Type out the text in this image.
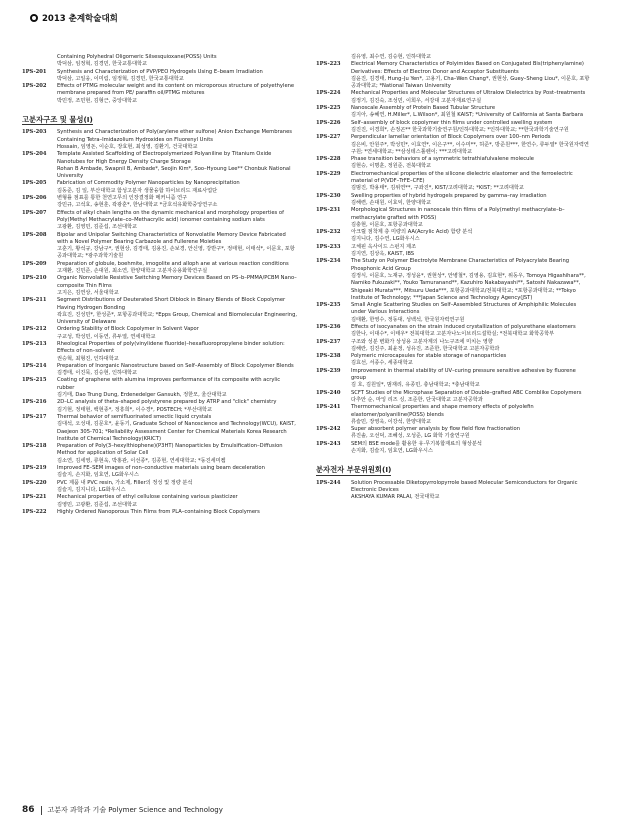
2013 춘계학술대회
Containing Polyhedral Oligomeric Silsesquioxane(POSS) Units
박덕삼, 임정혁, 김경민, 한국교통대학교
1PS-201	Synthesis and Characterization of PVP/PEO Hydrogels Using E–beam Irradiation
박덕삼, 고일웅, 이미림, 임정혁, 김경민, 한국교통대학교
1PS-202	Effects of PTMG molecular weight and its content on microporous structure of polyethylene membrane prepared from PE/ paraffin oil/PTMG mixtures
박민정, 조민현, 김형근, 중앙대학교
고분자구조 및 물성(I)
1PS-203	Synthesis and Characterization of Poly(arylene ether sulfone) Anion Exchange Membranes Containing Tetra–Imidazolium Hydroxides on Fluorenyl Units
Hossain, 임영돈, 이순호, 장효현, 최성영, 김환기, 건국대학교
1PS-204	Template Assisted Scaffolding of Electropolymerized Polyaniline by Titanium Oxide Nanotubes for High Energy Density Charge Storage
Rohan B Ambade, Swapnil B, Ambade*, Seojin Kim*, Soo–Hyoung Lee** Chonbuk National University
1PS-205	Fabrication of Commodity Polymer Nanoparticles by Nanoprecipitation
김동준, 김 일, 부산대학교 함성고분자 생물융합 하이브리드 재료사업단
1PS-206	변형률 점표를 통한 천연고무의 인장결정화 메커니즘 연구
강민규, 고석효, 송현훈, 곽광훈*, 한남대학교 *금호석유화학중앙연구소
1PS-207	Effects of alkyl chain lengths on the dynamic mechanical and morphology properties of Poly(Methyl Methacrylate–co–Methacrylic acid) ionomer containing sodium slats
고광환, 김영민, 김준섭, 조선대학교
1PS-208	Bipolar and Unipolar Switching Characteristics of Nonvolatile Memory Device Fabricated with a Novel Polymer Bearing Carbazole and Fullerene Moieties
고훈기, 황석규, 강남구*, 권현상, 김경태, 김용진, 손보경, 안신영, 강반구*, 정태현, 이태석*, 이문호, 포항공과대학교; *광주과학기술원
1PS-209	Preparation of globule, boehmite, imogolite and alloph ane at various reaction conditions
고재환, 진민준, 손대원, 최소연, 한양대학교 고분자응용화학연구실
1PS-210	Organic Nonvolatile Resistive Switching Memory Devices Based on PS–b–PMMA/PCBM Nano–composite Thin Films
고지은, 김연상, 서울대학교
1PS-211	Segment Distributions of Deuterated Short Diblock in Binary Blends of Block Copolymer Having Hydrogen Bonding
곽효진, 진성민*, 한성준*, 포항공과대학교; *Epps Group, Chemical and Biomolecular Engineering, University of Delaware
1PS-212	Ordering Stability of Block Copolymer in Solvent Vapor
구교성, 박성민, 이동연, 류두열, 연세대학교
1PS-213	Rheological Properties of poly(vinylidene fluoride)–hexafluoropropylene binder solution: Effects of non–solvent
권승혁, 최형진, 인하대학교
1PS-214	Preparation of Inorganic Nanostructure based on Self–Assembly of Block Copolymer Blends
김경태, 이진묵, 김승현, 인하대학교
1PS-215	Coating of graphene with alumina improves performance of its composite with acrylic rubber
김기태, Dao Trung Dung, Erdenedelger Gansukh, 정한모, 울산대학교
1PS-216	2D–LC analysis of theta–shaped polystyrene prepared by ATRP and "click" chemistry
김기현, 정태현, 백현종*, 정흥희*, 이수경*, POSTECH; *부산대학교
1PS-217	Thermal behavior of semifluorinated smectic liquid crystals
김대석, 오성대, 김문호*, 윤동기, Graduate School of Nanoscience and Technology(WCU), KAIST, Daejeon 305-701; *Reliability Assessment Center for Chemical Materials Korea Research Institute of Chemical Technology(KRICT)
1PS-218	Preparation of Poly(3–hexylthiophene)(P3HT) Nanoparticles by Emulsification–Diffusion Method for application of Solar Cell
김소연, 김세영, 류현욱, 박홍관, 이선종*, 김종현, 연세대학교; *동진세미켐
1PS-219	Improved FE–SEM images of non–conductive materials using beam deceleration
김슬지, 손지화, 임효연, LG화우시스
1PS-220	PVC 제품 내 PVC resin, 가소제, Filler의 정성 및 정량 분석
김슬지, 김지니다, LG화우시스
1PS-221	Mechanical properties of ethyl cellulose containing various plasticizer
김영민, 고광환, 김준섭, 조선대학교
1PS-222	Highly Ordered Nanoporous Thin Films from PLA–containing Block Copolymers
김유영, 최수연, 김승현, 인하대학교
1PS-223	Electrical Memory Characteristics of Polyimides Based on Conjugated Bis(triphenylamine) Derivatives: Effects of Electron Donor and Acceptor Substituents
김윤진, 김경태, Hung–Ju Yen*, 고용기, Cha–Wen Chang*, 권현상, Guey–Sheng Liou*, 이문호, 포항공과대학교; *National Taiwan University
1PS-224	Mechanical Properties and Molecular Structures of Ultralow Dielectrics by Post–treatments
김정기, 김진숙, 조성민, 이희우, 서강대 고분자재료연구실
1PS-225	Nanoscale Assembly of Protein Based Tubular Structure
김지아, 송혜연, H.Miller*, L.Wilson*, 최원철 KAIST; *University of California at Santa Barbara
1PS-226	Self–assembly of block copolymer thin films under controlled swelling system
김진진, 이경희*, 손정곤** 한국과학기술연구원/인하대학교; *인하대학교; **한국과학기술연구원
1PS-227	Perpendicular lamellar orientation of Block Copolymers over 100–nm Periods
김은비, 안원주*, 박성민*, 이효연*, 이은구**, 이수미**, 허준*, 방준원***, 한연수, 류두열* 한국원자력연구원; *연세대학교; **삼성테스톨렌이; ***고려대학교
1PS-228	Phase transition behaviors of a symmetric tetrathiafulvalene molecule
김현승, 이명훈, 정원준, 전북대학교
1PS-229	Electromechanical properties of the silicone dielectric elastomer and the ferroelectric material of P(VDF–TrFE–CFE)
김범진, 박용태*, 김위연**, 구좌진*, KIST/고려대학교; *KIST; **고려대학교
1PS-230	Swelling properties of hybrid hydrogels prepared by gamma–ray irradiation
김해련, 손대원, 이효익, 한양대학교
1PS-231	Morphological Structures in nanoscale thin films of a Poly(methyl methacrylate–b–methacrylate grafted with POSS)
김충현, 이문호, 포항공과대학교
1PS-232	아크릴 점착제 층 미량의 AA(Acrylic Acid) 함량 분석
김지니다, 김수연, LG화우시스
1PS-233	고체핀 옥사이드 스펀지 제조
김지연, 김상옥, KAIST, IBS
1PS-234	The Study on Polymer Electrolyte Membrane Characteristics of Polyacrylate Bearing Phosphonic Acid Group
김정식, 이문호, 노재규, 정성윤*, 권현상*, 안병철*, 김영용, 김효현*, 위동우, Tomoya Higashihara**, Namiko Fukuzaki**, Youko Tamuranand**, Kazuhiro Nakabayashi**, Satoshi Nakazawa**, Shigeaki Murata***, Mitsuru Ueda***, 포항공과대학교/전북대학교; *포항공과대학교; **Tokyo Institute of Technology; ***Japan Science and Technology Agency(JST)
1PS-235	Small Angle Scattering Studies on Self–Assembled Structures of Amphiphilic Molecules under Various Interactions
김태환, 한영수, 정동대, 성백석, 한국원자력연구원
1PS-236	Effects of isocyanates on the strain induced crystallization of polyurethane elastomers
김한나, 이대수*, 이태우* 전북대학교 고분자나노이브리드설학실; *전북대학교 화학공학부
1PS-237	구조와 성분 변화가 상성용 고분자계의 나노구조에 미치는 영향
김해란, 김진주, 최윤정, 성유진, 조준한, 한국대학교 고분자공학과
1PS-238	Polymeric microcapsules for stable storage of nanoparticles
김효선, 서종수, 세종대학교
1PS-239	Improvement in thermal stability of UV–curing pressure sensitive adhesive by fluorene group
김 호, 김원일*, 범재리, 유종민, 충남대학교; *충남대학교
1PS-240	SCFT Studies of the Microphase Separation of Double–grafted ABC Comblike Copolymers
다추안 순, 마잉 리즈 싱, 조준한, 단국대학교 고분자공학과
1PS-241	Thermomechanical properties and shape memory effects of polyolefin elastomer/polyaniline(POSS) blends
류슬민, 장영욱, 이강석, 한양대학교
1PS-242	Super absorbent polymer analysis by flow field flow fractionation
류진솔, 오선덕, 조혜성, 오성준, LG 화학 기술연구원
1PS-243	SEM의 BSE mode를 활용한 유·무기복합재료의 형상분석
손지화, 김슬지, 임효연, LG화우시스
분자전자 부문위원회(I)
1PS-244	Solution Processable Diketopyrrolopyrrole based Molecular Semiconductors for Organic Electronic Devices
AKSHAYA KUMAR PALAI, 전국대학교
86 고분자 과학과 기술 Polymer Science and Technology
